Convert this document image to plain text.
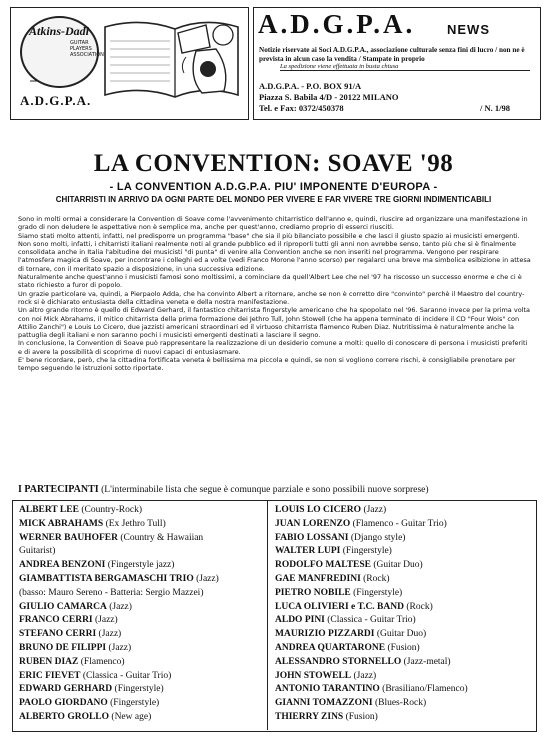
Atkins-Dadi
GUITAR PLAYERS ASSOCIATION
A.D.G.P.A.
A.D.G.P.A. NEWS
Notizie riservate ai Soci A.D.G.P.A., associazione culturale senza fini di lucro / non ne è prevista in alcun caso la vendita / Stampate in proprio
La spedizione viene effettuata in busta chiusa
A.D.G.P.A. - P.O. BOX 91/A
Piazza S. Babila 4/D - 20122 MILANO
Tel. e Fax: 0372/450378	/ N. 1/98
LA CONVENTION: SOAVE '98
- LA CONVENTION A.D.G.P.A. PIU' IMPONENTE D'EUROPA -
CHITARRISTI IN ARRIVO DA OGNI PARTE DEL MONDO PER VIVERE E FAR VIVERE TRE GIORNI INDIMENTICABILI

Sono in molti ormai a considerare la Convention di Soave come l'avvenimento chitarristico dell'anno e, quindi, riuscire ad organizzare una manifestazione in grado di non deludere le aspettative non è semplice ma, anche per quest'anno, crediamo proprio di esserci riusciti.

Siamo stati molto attenti, infatti, nel predisporre un programma "base" che sia il più bilanciato possibile e che lasci il giusto spazio ai musicisti emergenti.

Non sono molti, infatti, i chitarristi italiani realmente noti al grande pubblico ed il riproporli tutti gli anni non avrebbe senso, tanto più che si è finalmente consolidata anche in Italia l'abitudine dei musicisti "di punta" di venire alla Convention anche se non inseriti nel programma. Vengono per respirare l'atmosfera magica di Soave, per incontrare i colleghi ed a volte (vedi Franco Morone l'anno scorso) per regalarci una breve ma simbolica esibizione in attesa di tornare, con il meritato spazio a disposizione, in una successiva edizione.

Naturalmente anche quest'anno i musicisti famosi sono moltissimi, a cominciare da quell'Albert Lee che nel '97 ha riscosso un successo enorme e che ci è stato richiesto a furor di popolo.

Un grazie particolare va, quindi, a Pierpaolo Adda, che ha convinto Albert a ritornare, anche se non è corretto dire "convinto" perchè il Maestro del country-rock si è dichiarato entusiasta della cittadina veneta e della nostra manifestazione.

Un altro grande ritorno è quello di Edward Gerhard, il fantastico chitarrista fingerstyle americano che ha spopolato nel '96. Saranno invece per la prima volta con noi Mick Abrahams, il mitico chitarrista della prima formazione dei Jethro Tull, John Stowell (che ha appena terminato di incidere il CD "Four Wois" con Attilio Zanchi") e Louis Lo Cicero, due jazzisti americani straordinari ed il virtuoso chitarrista flamenco Ruben Diaz. Nutritissima è naturalmente anche la pattuglia degli italiani e non saranno pochi i musicisti emergenti destinati a lasciare il segno.

In conclusione, la Convention di Soave può rappresentare la realizzazione di un desiderio comune a molti: quello di conoscere di persona i musicisti preferiti e di avere la possibilità di scoprirne di nuovi capaci di entusiasmare.

E' bene ricordare, però, che la cittadina fortificata veneta è bellissima ma piccola e quindi, se non si vogliono correre rischi, è consigliabile prenotare per tempo seguendo le istruzioni sotto riportate.

I PARTECIPANTI (L'interminabile lista che segue è comunque parziale e sono possibili nuove sorprese)
ALBERT LEE (Country-Rock)
MICK ABRAHAMS (Ex Jethro Tull)
WERNER BAUHOFER (Country & Hawaiian
Guitarist)
ANDREA BENZONI (Fingerstyle jazz)
GIAMBATTISTA BERGAMASCHI TRIO (Jazz)
(basso: Mauro Sereno - Batteria: Sergio Mazzei)
GIULIO CAMARCA (Jazz)
FRANCO CERRI (Jazz)
STEFANO CERRI (Jazz)
BRUNO DE FILIPPI (Jazz)
RUBEN DIAZ (Flamenco)
ERIC FIEVET (Classica - Guitar Trio)
EDWARD GERHARD (Fingerstyle)
PAOLO GIORDANO (Fingerstyle)
ALBERTO GROLLO (New age)
LOUIS LO CICERO (Jazz)
JUAN LORENZO (Flamenco - Guitar Trio)
FABIO LOSSANI (Django style)
WALTER LUPI (Fingerstyle)
RODOLFO MALTESE (Guitar Duo)
GAE MANFREDINI (Rock)
PIETRO NOBILE (Fingerstyle)
LUCA OLIVIERI e T.C. BAND (Rock)
ALDO PINI (Classica - Guitar Trio)
MAURIZIO PIZZARDI (Guitar Duo)
ANDREA QUARTARONE (Fusion)
ALESSANDRO STORNELLO (Jazz-metal)
JOHN STOWELL (Jazz)
ANTONIO TARANTINO (Brasiliano/Flamenco)
GIANNI TOMAZZONI (Blues-Rock)
THIERRY ZINS (Fusion)
